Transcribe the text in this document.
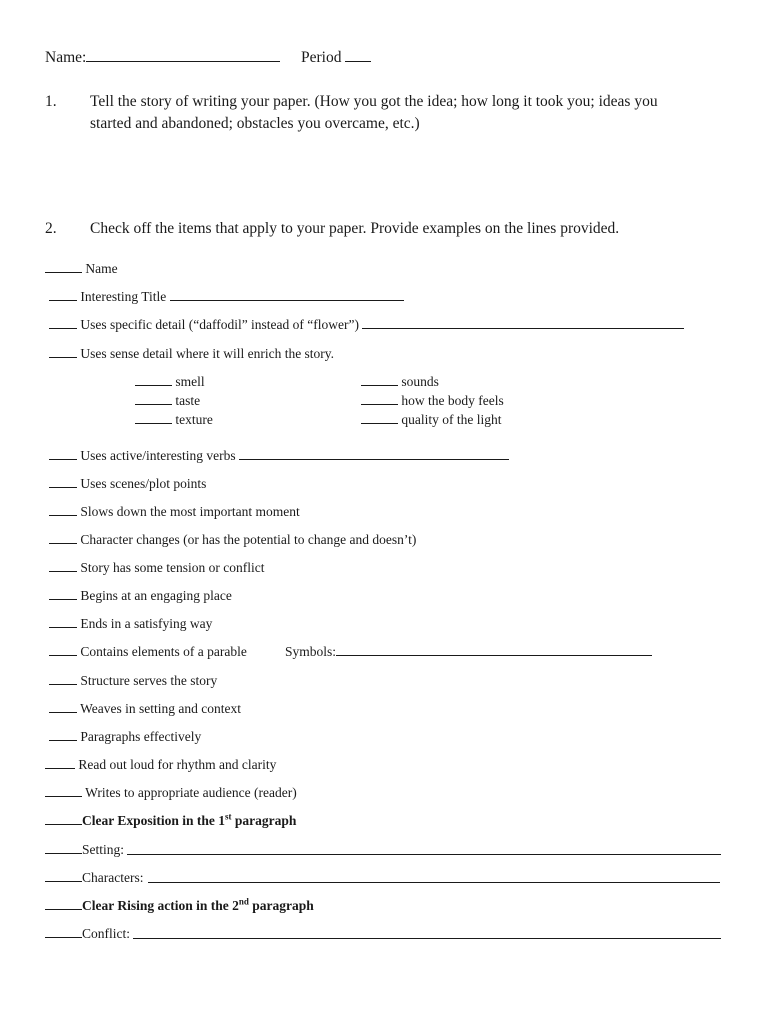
Name:	Period
1. Tell the story of writing your paper. (How you got the idea; how long it took you; ideas you
started and abandoned; obstacles you overcame, etc.)
2. Check off the items that apply to your paper. Provide examples on the lines provided.
Name
Interesting Title
Uses specific detail (“daffodil” instead of “flower”)
Uses sense detail where it will enrich the story.
smell
taste
texture
sounds
how the body feels
quality of the light
Uses active/interesting verbs
Uses scenes/plot points
Slows down the most important moment
Character changes (or has the potential to change and doesn’t)
Story has some tension or conflict
Begins at an engaging place
Ends in a satisfying way
Contains elements of a parable	Symbols:
Structure serves the story
Weaves in setting and context
Paragraphs effectively
Read out loud for rhythm and clarity
Writes to appropriate audience (reader)
Clear Exposition in the 1st paragraph
Setting:
Characters:
Clear Rising action in the 2nd paragraph
Conflict:
